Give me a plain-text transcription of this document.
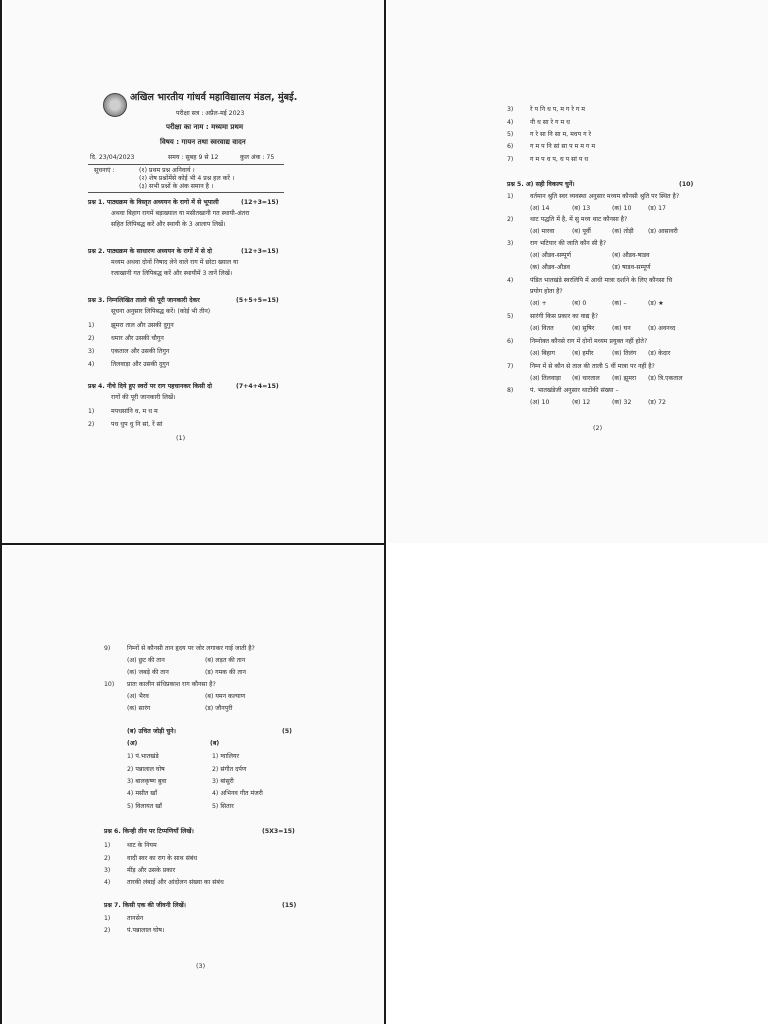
अखिल भारतीय गांधर्व महाविद्यालय मंडल, मुंबई.
परीक्षा सत्र : अप्रैल-मई 2023
परीक्षा का नाम : मध्यमा प्रथम
विषय : गायन तथा स्वरवाद्य वादन
दि. 23/04/2023	समय : सुबह 9 से 12	कुल अंक : 75
सूचनाएं :	(१) प्रथम प्रश्न अनिवार्य ।
(२) शेष प्रश्नोंमेंसे कोई भी 4 प्रश्न हल करें ।
(३) सभी प्रश्नों के अंक समान है ।
प्रश्न 1. पाठ्यक्रम के विस्तृत अध्ययन के रागो में से भूपाली	(12+3=15)
अथवा बिहाग रागमें बड़ाख्याल या मसीतखानी गत स्थायी-अंतरा
सहित लिपिबद्ध करें और स्थायी के 3 आलाप लिखें।
प्रश्न 2. पाठ्यक्रम के साधारण अध्ययन के रागों में से दो	(12+3=15)
मध्यम अथवा दोनों निषाद लेने वाले राग में छोटा ख्याल या
रजाखानी गत लिपिबद्ध करें और स्थायीमें 3 तानें लिखें।
प्रश्न 3. निम्नलिखित तालो की पूरी जानकारी देकर	(5+5+5=15)
सूचना अनुसार लिपिबद्ध करें। (कोई भी तीन)
1)	झूमरा ताल और उसकी दुगुन
2)	धमार और उसकी चौगुन
3)	एकताल और उसकी तिगुन
4)	तिलवाड़ा और उसकी दुगुन
प्रश्न 4. नीचे दिये हुए स्वरों पर राग पहचानकर किसी दो	(7+4+4=15)
रागों की पूरी जानकारी लिखें।
1)	मपधसांनि ध, म ध म
2)	पध धुप धु नि सां, रें सां
(1)
3)	रे प नि ध प, म ग रे ग म
4)	नी ध सा रे ग म ध
5)	ग रे सा नि सा म, मधप ग रे
6)	ग म प नि सां सा प म म ग म
7)	ग म प ध प, ध प सां प ध
प्रश्न 5. अ) सही विकल्प चुनें।	(10)
1)	वर्तमान श्रुति स्वर व्यवस्था अनुसार मध्यम कौनसी श्रुति पर स्थित है?
(अ) 14	(ब) 13	(क) 10	(ड) 17
2)	थाट पद्धति में है, में सु मध्य थाट कौनसा है?
(अ) मारवा	(ब) पूर्वी	(क) तोड़ी (ड) आसावरी
3)	राग भटियार की जाति कौन सी है?
(अ) औडव-सम्पूर्ण	(ब) औडव-षाडव
(क) औडव-औडव	(ड) षाडव-सम्पूर्ण
4)	पंडित भातखंडे स्वरलिपि में आधी मात्रा दर्शाने के लिए कौनसा चि
प्रयोग होता है?
(अ) +	(ब) 0	(क) –	(ड) ★
5)	सारंगी किस प्रकार का वाद्य है?
(अ) वितत	(ब) सुषिर	(क) घन	(ड) अवनध्द
6)	निम्नोक्त कौनसे राग में दोनों मध्यम प्रयुक्त नहीं होते?
(अ) बिहाग	(ब) हमीर	(क) तिलंग (ड) केदार
7)	निम्न में से कौन से ताल की ताली 5 वीं मात्रा पर नहीं है?
(अ) तिलवाड़ा (ब) चारताल (क) झूमरा (ड) त्रि.एकताल
8)	पं. भातखंडेजी अनुसार थाटोंकी संख्या –
(अ) 10	(ब) 12	(क) 32	(ड) 72
(2)
9)	निम्नों से कौनसी तान हृदय पर जोर लगाकर गाई जाती है?
(अ) छुट की तान	(ब) लड़त की तान
(क) जबड़े की तान	(ड) गमक की तान
10) प्रातः कालीन संधिप्रकाश राग कौनसा है?
(अ) भैरव	(ब) यमन कल्याण
(क) सारंग	(ड) जौनपुरी
(ब) उचित जोड़ी चुने।	(5)
(अ)	(ब)
1) पं.भातखंडे	1) ग्वालियर
2) पन्नालाल घोष	2) संगीत दर्पण
3) बालकृष्ण बुवा	3) बांसुरी
4) मसीत खाँ	4) अभिनव गीत मंजरी
5) विलायत खाँ	5) सितार
प्रश्न 6. किन्ही तीन पर टिप्पणियाँ लिखें।	(5X3=15)
1)	थाट के नियम
2)	वादी स्वर का राग के साथ संबंध
3)	मींड़ और उसके प्रकार
4)	तारकी लंबाई और आंदोलन संख्या का संबंध
प्रश्न 7. किसी एक की जीवनी लिखें।	(15)
1)	तानसेन
2)	पं.पन्नालाल घोष।
(3)
